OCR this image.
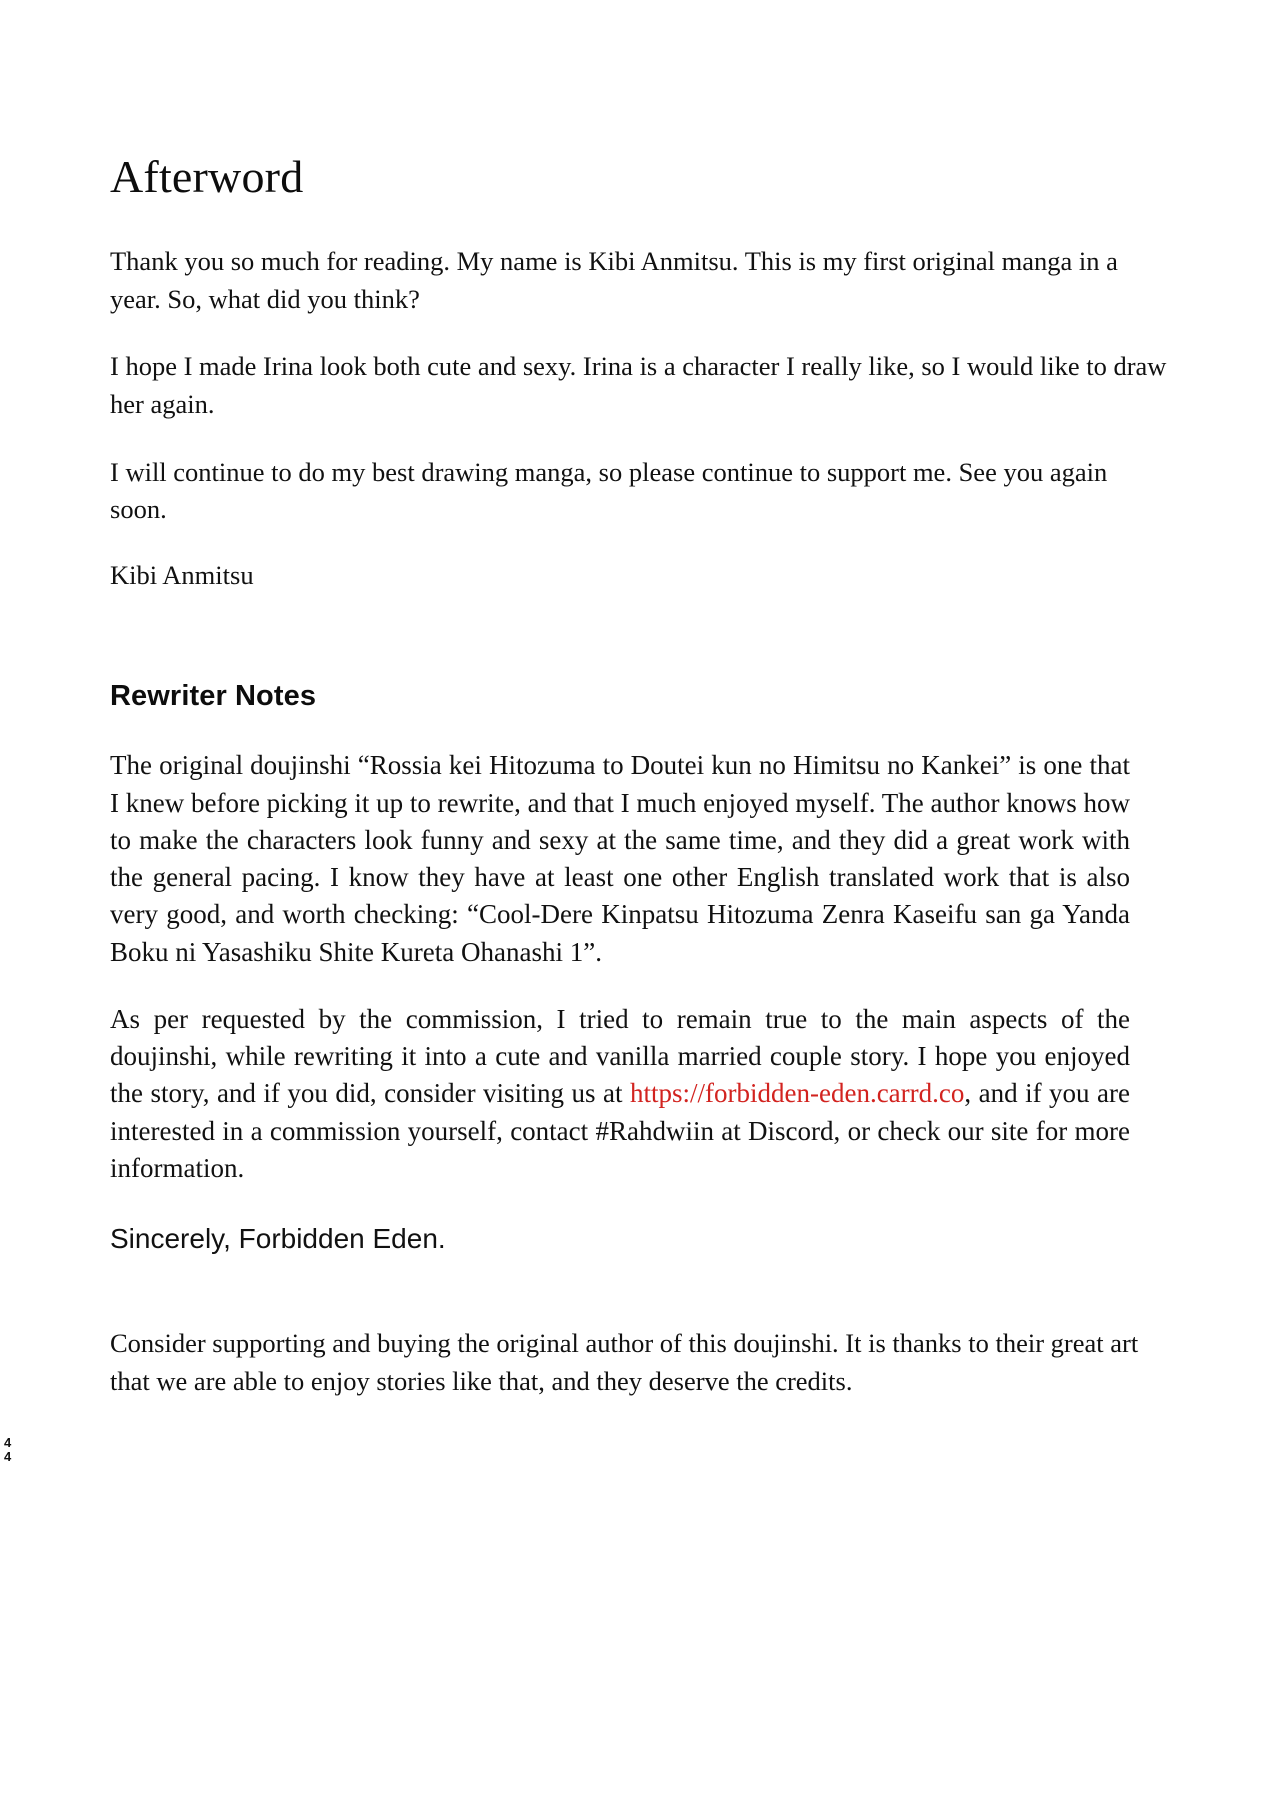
Afterword

Thank you so much for reading. My name is Kibi Anmitsu. This is my first original manga in a year. So, what did you think?

I hope I made Irina look both cute and sexy. Irina is a character I really like, so I would like to draw her again.

I will continue to do my best drawing manga, so please continue to support me. See you again soon.

Kibi Anmitsu
Rewriter Notes

The original doujinshi “Rossia kei Hitozuma to Doutei kun no Himitsu no Kankei” is one that I knew before picking it up to rewrite, and that I much enjoyed myself. The author knows how to make the characters look funny and sexy at the same time, and they did a great work with the general pacing. I know they have at least one other English translated work that is also very good, and worth checking: “Cool-Dere Kinpatsu Hitozuma Zenra Kaseifu san ga Yanda Boku ni Yasashiku Shite Kureta Ohanashi 1”.

As per requested by the commission, I tried to remain true to the main aspects of the doujinshi, while rewriting it into a cute and vanilla married couple story. I hope you enjoyed the story, and if you did, consider visiting us at https://forbidden-eden.carrd.co, and if you are interested in a commission yourself, contact #Rahdwiin at Discord, or check our site for more information.

Sincerely, Forbidden Eden.

Consider supporting and buying the original author of this doujinshi. It is thanks to their great art that we are able to enjoy stories like that, and they deserve the credits.

4
4
